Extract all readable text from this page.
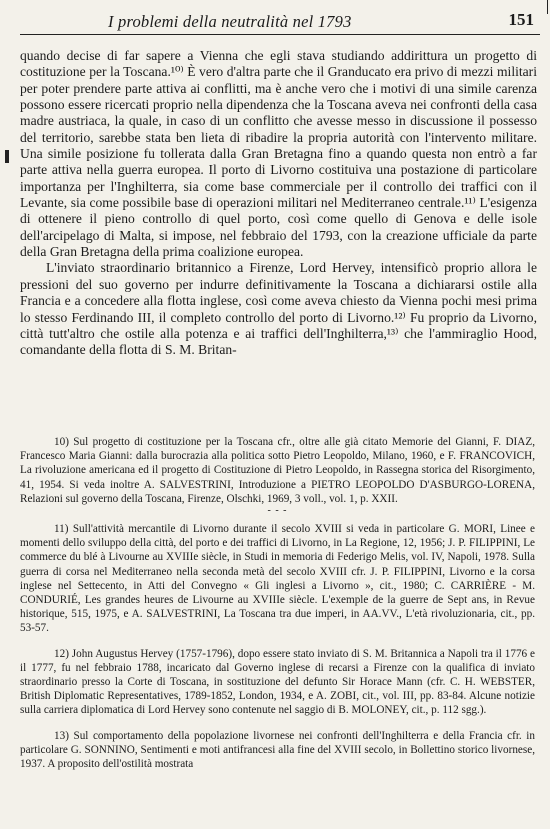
I problemi della neutralità nel 1793	151

quando decise di far sapere a Vienna che egli stava studiando addirittura un progetto di costituzione per la Toscana.¹⁰⁾ È vero d'altra parte che il Granducato era privo di mezzi militari per poter prendere parte attiva ai conflitti, ma è anche vero che i motivi di una simile carenza possono essere ricercati proprio nella dipendenza che la Toscana aveva nei confronti della casa madre austriaca, la quale, in caso di un conflitto che avesse messo in discussione il possesso del territorio, sarebbe stata ben lieta di ribadire la propria autorità con l'intervento militare. Una simile posizione fu tollerata dalla Gran Bretagna fino a quando questa non entrò a far parte attiva nella guerra europea. Il porto di Livorno costituiva una postazione di particolare importanza per l'Inghilterra, sia come base commerciale per il controllo dei traffici con il Levante, sia come possibile base di operazioni militari nel Mediterraneo centrale.¹¹⁾ L'esigenza di ottenere il pieno controllo di quel porto, così come quello di Genova e delle isole dell'arcipelago di Malta, si impose, nel febbraio del 1793, con la creazione ufficiale da parte della Gran Bretagna della prima coalizione europea.

L'inviato straordinario britannico a Firenze, Lord Hervey, intensificò proprio allora le pressioni del suo governo per indurre definitivamente la Toscana a dichiararsi ostile alla Francia e a concedere alla flotta inglese, così come aveva chiesto da Vienna pochi mesi prima lo stesso Ferdinando III, il completo controllo del porto di Livorno.¹²⁾ Fu proprio da Livorno, città tutt'altro che ostile alla potenza e ai traffici dell'Inghilterra,¹³⁾ che l'ammiraglio Hood, comandante della flotta di S. M. Britan-

10) Sul progetto di costituzione per la Toscana cfr., oltre alle già citato Memorie del Gianni, F. DIAZ, Francesco Maria Gianni: dalla burocrazia alla politica sotto Pietro Leopoldo, Milano, 1960, e F. FRANCOVICH, La rivoluzione americana ed il progetto di Costituzione di Pietro Leopoldo, in Rassegna storica del Risorgimento, 41, 1954. Si veda inoltre A. SALVESTRINI, Introduzione a PIETRO LEOPOLDO D'ASBURGO-LORENA, Relazioni sul governo della Toscana, Firenze, Olschki, 1969, 3 voll., vol. 1, p. XXII.

- - -

11) Sull'attività mercantile di Livorno durante il secolo XVIII si veda in particolare G. MORI, Linee e momenti dello sviluppo della città, del porto e dei traffici di Livorno, in La Regione, 12, 1956; J. P. FILIPPINI, Le commerce du blé à Livourne au XVIIIe siècle, in Studi in memoria di Federigo Melis, vol. IV, Napoli, 1978. Sulla guerra di corsa nel Mediterraneo nella seconda metà del secolo XVIII cfr. J. P. FILIPPINI, Livorno e la corsa inglese nel Settecento, in Atti del Convegno « Gli inglesi a Livorno », cit., 1980; C. CARRIÈRE - M. CONDURIÉ, Les grandes heures de Livourne au XVIIIe siècle. L'exemple de la guerre de Sept ans, in Revue historique, 515, 1975, e A. SALVESTRINI, La Toscana tra due imperi, in AA.VV., L'età rivoluzionaria, cit., pp. 53-57.

12) John Augustus Hervey (1757-1796), dopo essere stato inviato di S. M. Britannica a Napoli tra il 1776 e il 1777, fu nel febbraio 1788, incaricato dal Governo inglese di recarsi a Firenze con la qualifica di inviato straordinario presso la Corte di Toscana, in sostituzione del defunto Sir Horace Mann (cfr. C. H. WEBSTER, British Diplomatic Representatives, 1789-1852, London, 1934, e A. ZOBI, cit., vol. III, pp. 83-84. Alcune notizie sulla carriera diplomatica di Lord Hervey sono contenute nel saggio di B. MOLONEY, cit., p. 112 sgg.).

13) Sul comportamento della popolazione livornese nei confronti dell'Inghilterra e della Francia cfr. in particolare G. SONNINO, Sentimenti e moti antifrancesi alla fine del XVIII secolo, in Bollettino storico livornese, 1937. A proposito dell'ostilità mostrata
